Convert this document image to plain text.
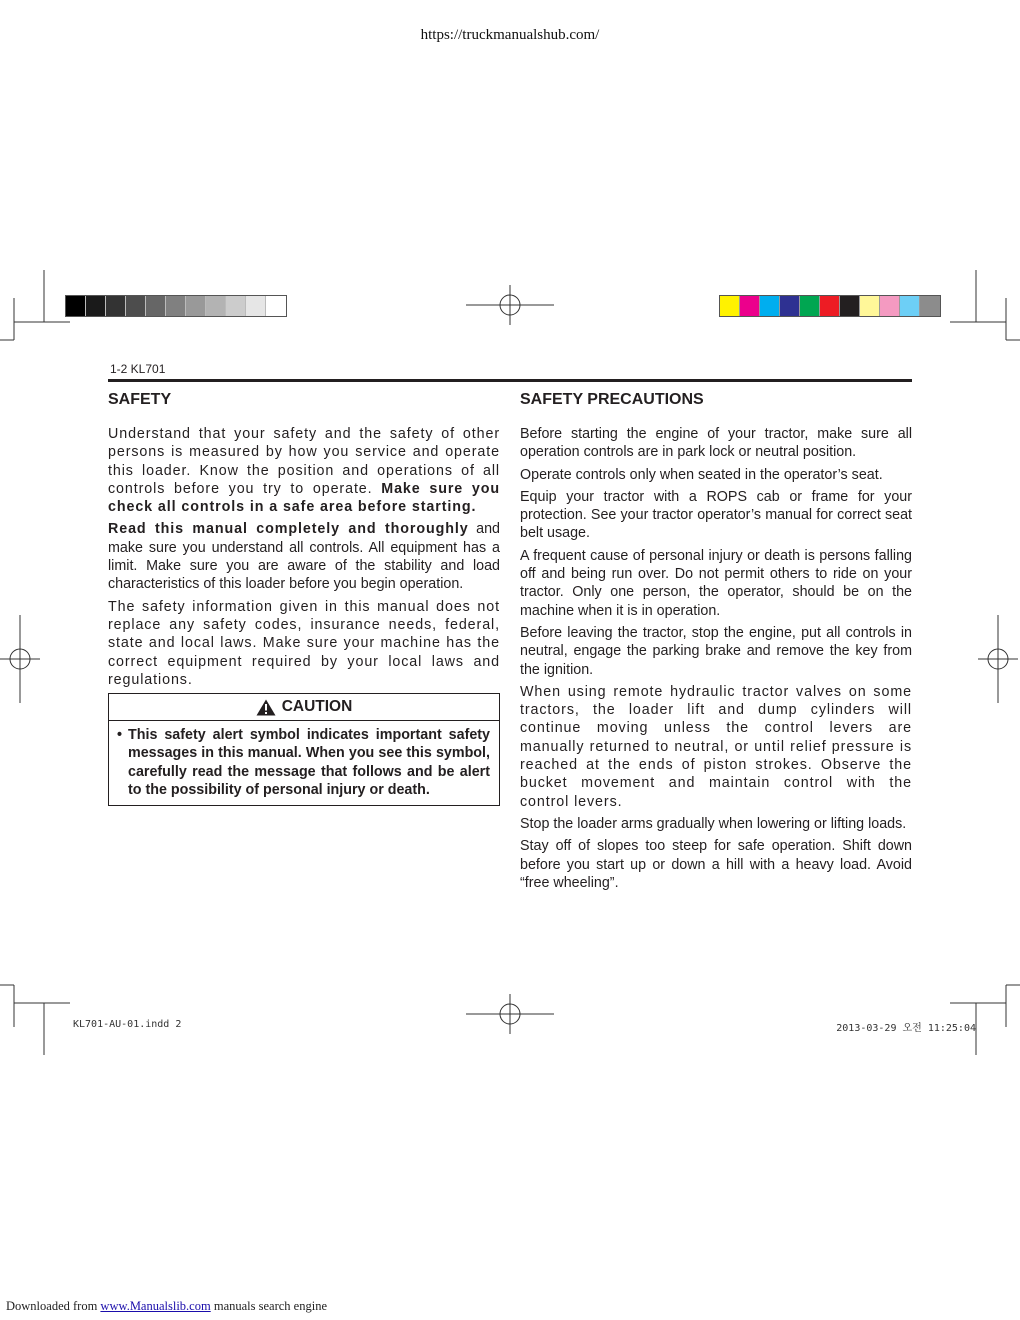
https://truckmanualshub.com/
1-2 KL701
SAFETY

Understand that your safety and the safety of other persons is measured by how you service and operate this loader. Know the position and operations of all controls before you try to operate. Make sure you check all controls in a safe area before starting.

Read this manual completely and thoroughly and make sure you understand all controls. All equipment has a limit. Make sure you are aware of the stability and load characteristics of this loader before you begin operation.

The safety information given in this manual does not replace any safety codes, insurance needs, federal, state and local laws. Make sure your machine has the correct equipment required by your local laws and regulations.

CAUTION
• This safety alert symbol indicates important safety messages in this manual. When you see this symbol, carefully read the message that follows and be alert to the possibility of personal injury or death.
SAFETY PRECAUTIONS

Before starting the engine of your tractor, make sure all operation controls are in park lock or neutral position.

Operate controls only when seated in the operator’s seat.

Equip your tractor with a ROPS cab or frame for your protection. See your tractor operator’s manual for correct seat belt usage.

A frequent cause of personal injury or death is persons falling off and being run over. Do not permit others to ride on your tractor. Only one person, the operator, should be on the machine when it is in operation.

Before leaving the tractor, stop the engine, put all controls in neutral, engage the parking brake and remove the key from the ignition.

When using remote hydraulic tractor valves on some tractors, the loader lift and dump cylinders will continue moving unless the control levers are manually returned to neutral, or until relief pressure is reached at the ends of piston strokes. Observe the bucket movement and maintain control with the control levers.

Stop the loader arms gradually when lowering or lifting loads.

Stay off of slopes too steep for safe operation. Shift down before you start up or down a hill with a heavy load. Avoid “free wheeling”.

KL701-AU-01.indd 2	2013-03-29 오전 11:25:04
Downloaded from www.Manualslib.com manuals search engine
